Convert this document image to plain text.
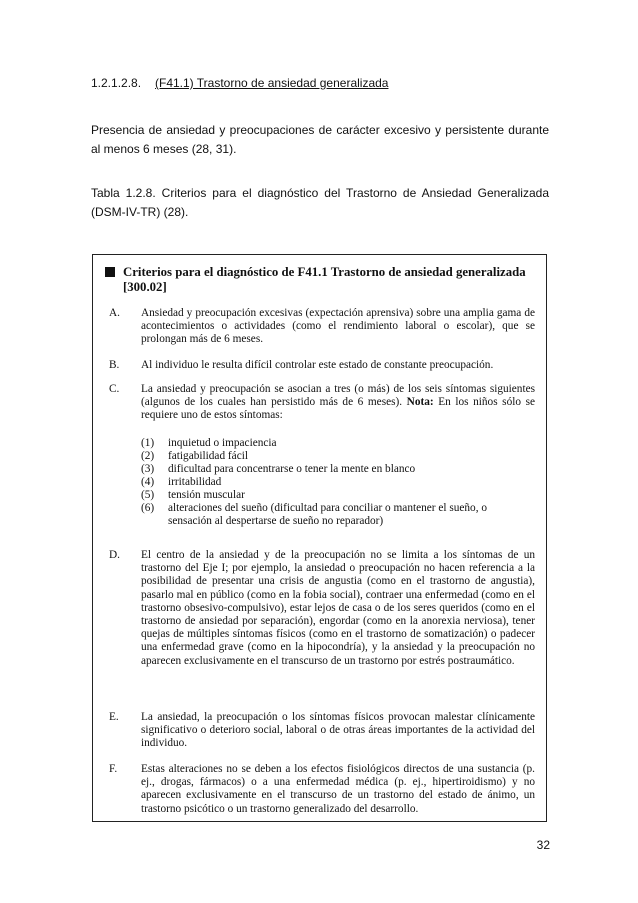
1.2.1.2.8. (F41.1) Trastorno de ansiedad generalizada
Presencia de ansiedad y preocupaciones de carácter excesivo y persistente durante al menos 6 meses (28, 31).
Tabla 1.2.8. Criterios para el diagnóstico del Trastorno de Ansiedad Generalizada (DSM-IV-TR) (28).
Criterios para el diagnóstico de F41.1 Trastorno de ansiedad generalizada [300.02]
A. Ansiedad y preocupación excesivas (expectación aprensiva) sobre una amplia gama de acontecimientos o actividades (como el rendimiento laboral o escolar), que se prolongan más de 6 meses.
B. Al individuo le resulta difícil controlar este estado de constante preocupación.
C. La ansiedad y preocupación se asocian a tres (o más) de los seis síntomas siguientes (algunos de los cuales han persistido más de 6 meses). Nota: En los niños sólo se requiere uno de estos síntomas:
(1) inquietud o impaciencia
(2) fatigabilidad fácil
(3) dificultad para concentrarse o tener la mente en blanco
(4) irritabilidad
(5) tensión muscular
(6) alteraciones del sueño (dificultad para conciliar o mantener el sueño, o sensación al despertarse de sueño no reparador)
D. El centro de la ansiedad y de la preocupación no se limita a los síntomas de un trastorno del Eje I; por ejemplo, la ansiedad o preocupación no hacen referencia a la posibilidad de presentar una crisis de angustia (como en el trastorno de angustia), pasarlo mal en público (como en la fobia social), contraer una enfermedad (como en el trastorno obsesivo-compulsivo), estar lejos de casa o de los seres queridos (como en el trastorno de ansiedad por separación), engordar (como en la anorexia nerviosa), tener quejas de múltiples síntomas físicos (como en el trastorno de somatización) o padecer una enfermedad grave (como en la hipocondría), y la ansiedad y la preocupación no aparecen exclusivamente en el transcurso de un trastorno por estrés postraumático.
E. La ansiedad, la preocupación o los síntomas físicos provocan malestar clínicamente significativo o deterioro social, laboral o de otras áreas importantes de la actividad del individuo.
F. Estas alteraciones no se deben a los efectos fisiológicos directos de una sustancia (p. ej., drogas, fármacos) o a una enfermedad médica (p. ej., hipertiroidismo) y no aparecen exclusivamente en el transcurso de un trastorno del estado de ánimo, un trastorno psicótico o un trastorno generalizado del desarrollo.
32
